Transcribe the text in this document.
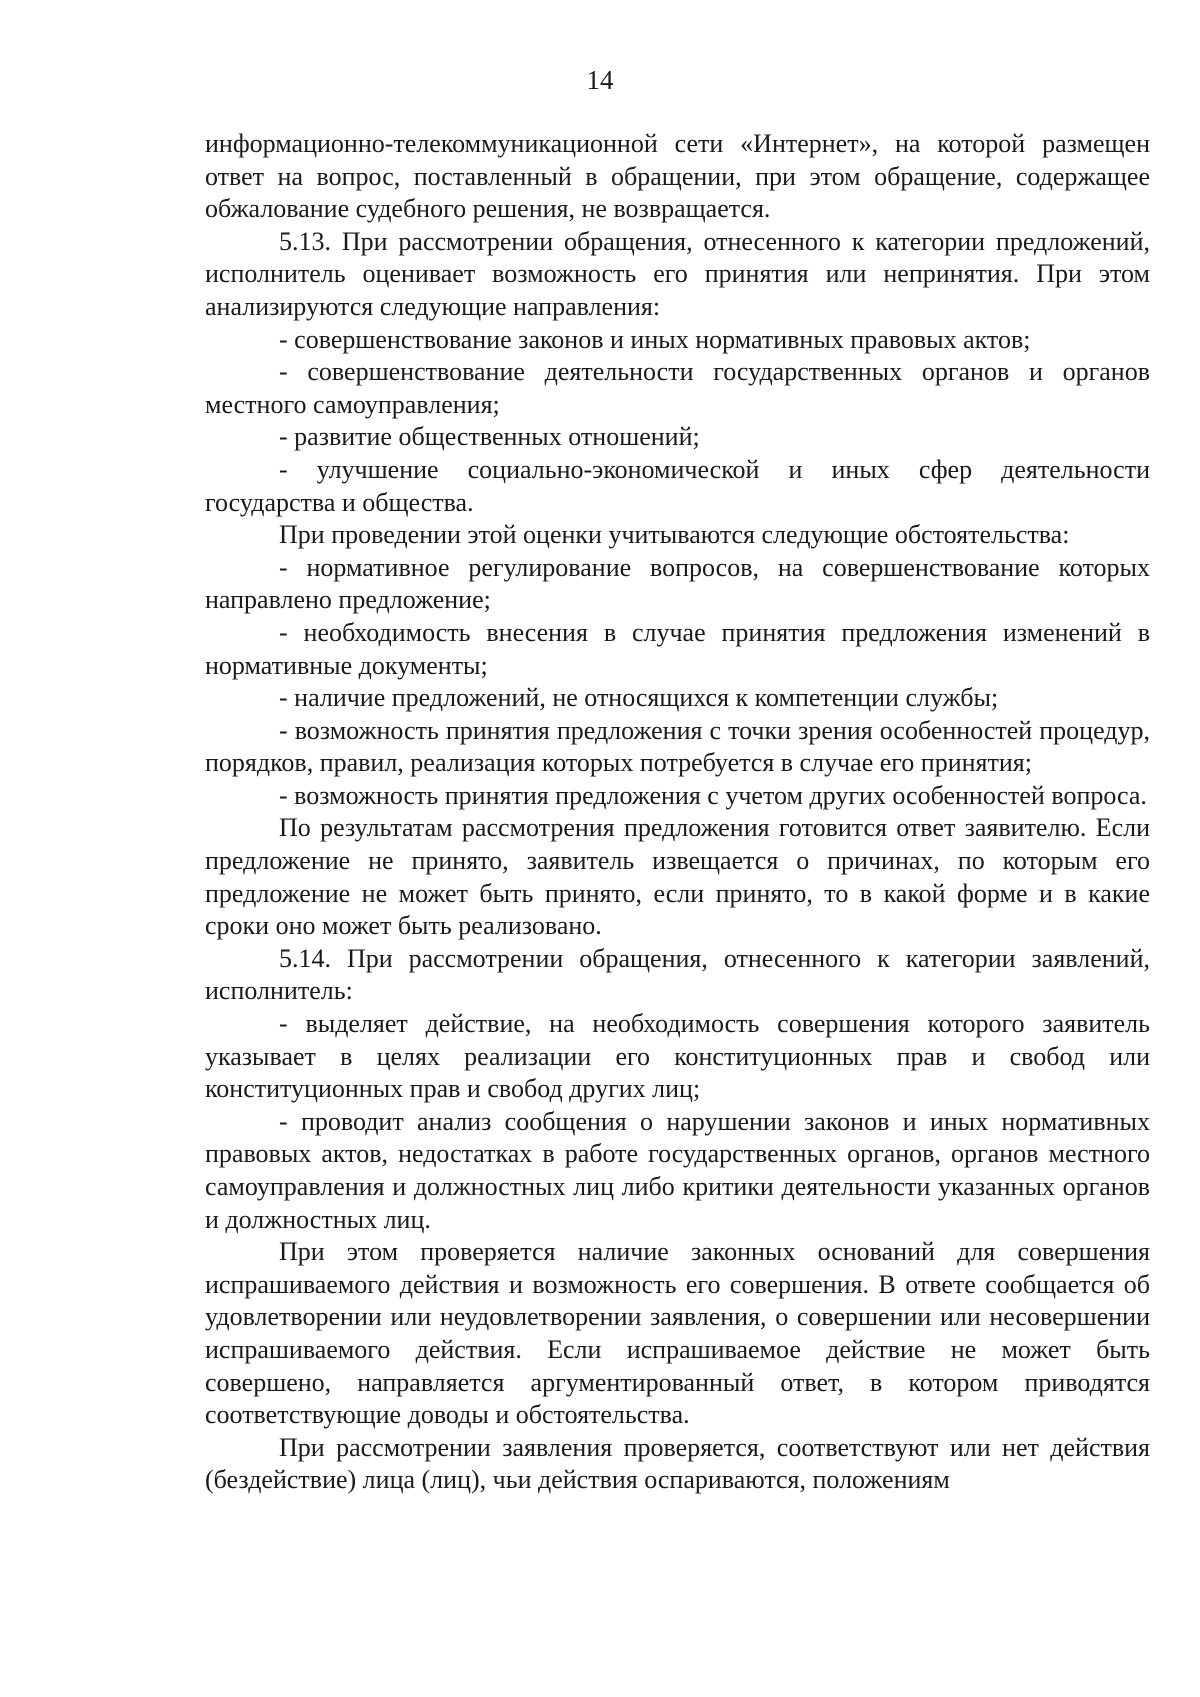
14

информационно-телекоммуникационной сети «Интернет», на которой размещен ответ на вопрос, поставленный в обращении, при этом обращение, содержащее обжалование судебного решения, не возвращается.

5.13. При рассмотрении обращения, отнесенного к категории предложений, исполнитель оценивает возможность его принятия или непринятия. При этом анализируются следующие направления:

- совершенствование законов и иных нормативных правовых актов;

- совершенствование деятельности государственных органов и органов местного самоуправления;

- развитие общественных отношений;

- улучшение социально-экономической и иных сфер деятельности государства и общества.

При проведении этой оценки учитываются следующие обстоятельства:

- нормативное регулирование вопросов, на совершенствование которых направлено предложение;

- необходимость внесения в случае принятия предложения изменений в нормативные документы;

- наличие предложений, не относящихся к компетенции службы;

- возможность принятия предложения с точки зрения особенностей процедур, порядков, правил, реализация которых потребуется в случае его принятия;

- возможность принятия предложения с учетом других особенностей вопроса.

По результатам рассмотрения предложения готовится ответ заявителю. Если предложение не принято, заявитель извещается о причинах, по которым его предложение не может быть принято, если принято, то в какой форме и в какие сроки оно может быть реализовано.

5.14. При рассмотрении обращения, отнесенного к категории заявлений, исполнитель:

- выделяет действие, на необходимость совершения которого заявитель указывает в целях реализации его конституционных прав и свобод или конституционных прав и свобод других лиц;

- проводит анализ сообщения о нарушении законов и иных нормативных правовых актов, недостатках в работе государственных органов, органов местного самоуправления и должностных лиц либо критики деятельности указанных органов и должностных лиц.

При этом проверяется наличие законных оснований для совершения испрашиваемого действия и возможность его совершения. В ответе сообщается об удовлетворении или неудовлетворении заявления, о совершении или несовершении испрашиваемого действия. Если испрашиваемое действие не может быть совершено, направляется аргументированный ответ, в котором приводятся соответствующие доводы и обстоятельства.

При рассмотрении заявления проверяется, соответствуют или нет действия (бездействие) лица (лиц), чьи действия оспариваются, положениям
